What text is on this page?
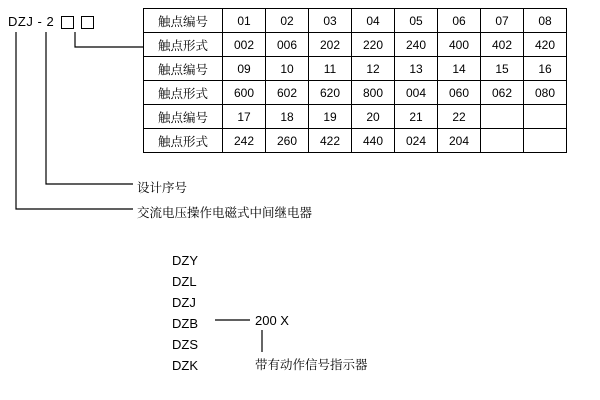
DZJ - 2	触点编号	01	02	03	04	05	06	07	08
触点形式	002	006	202	220	240	400	402	420
触点编号	09	10	11	12	13	14	15	16
触点形式	600	602	620	800	004	060	062	080
触点编号	17	18	19	20	21	22		
触点形式	242	260	422	440	024	204		
设计序号
交流电压操作电磁式中间继电器
DZY
DZL
DZJ
DZB
DZS
DZK
200 X
带有动作信号指示器
